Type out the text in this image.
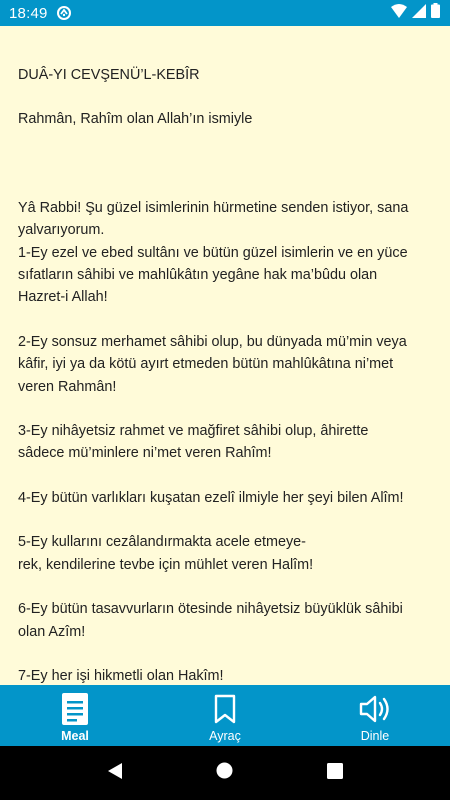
18:49

DUÂ-YI CEVŞENÜ’L-KEBÎR

Rahmân, Rahîm olan Allah’ın ismiyle

Yâ Rabbi! Şu güzel isimlerinin hürmetine senden istiyor, sana
yalvarıyorum.
1-Ey ezel ve ebed sultânı ve bütün güzel isimlerin ve en yüce
sıfatların sâhibi ve mahlûkâtın yegâne hak ma’bûdu olan
Hazret-i Allah!

2-Ey sonsuz merhamet sâhibi olup, bu dünyada mü’min veya
kâfir, iyi ya da kötü ayırt etmeden bütün mahlûkâtına ni’met
veren Rahmân!

3-Ey nihâyetsiz rahmet ve mağfiret sâhibi olup, âhirette
sâdece mü’minlere ni’met veren Rahîm!

4-Ey bütün varlıkları kuşatan ezelî ilmiyle her şeyi bilen Alîm!

5-Ey kullarını cezâlandırmakta acele etmeye-
rek, kendilerine tevbe için mühlet veren Halîm!

6-Ey bütün tasavvurların ötesinde nihâyetsiz büyüklük sâhibi
olan Azîm!

7-Ey her işi hikmetli olan Hakîm!

Meal	Ayraç	Dinle
